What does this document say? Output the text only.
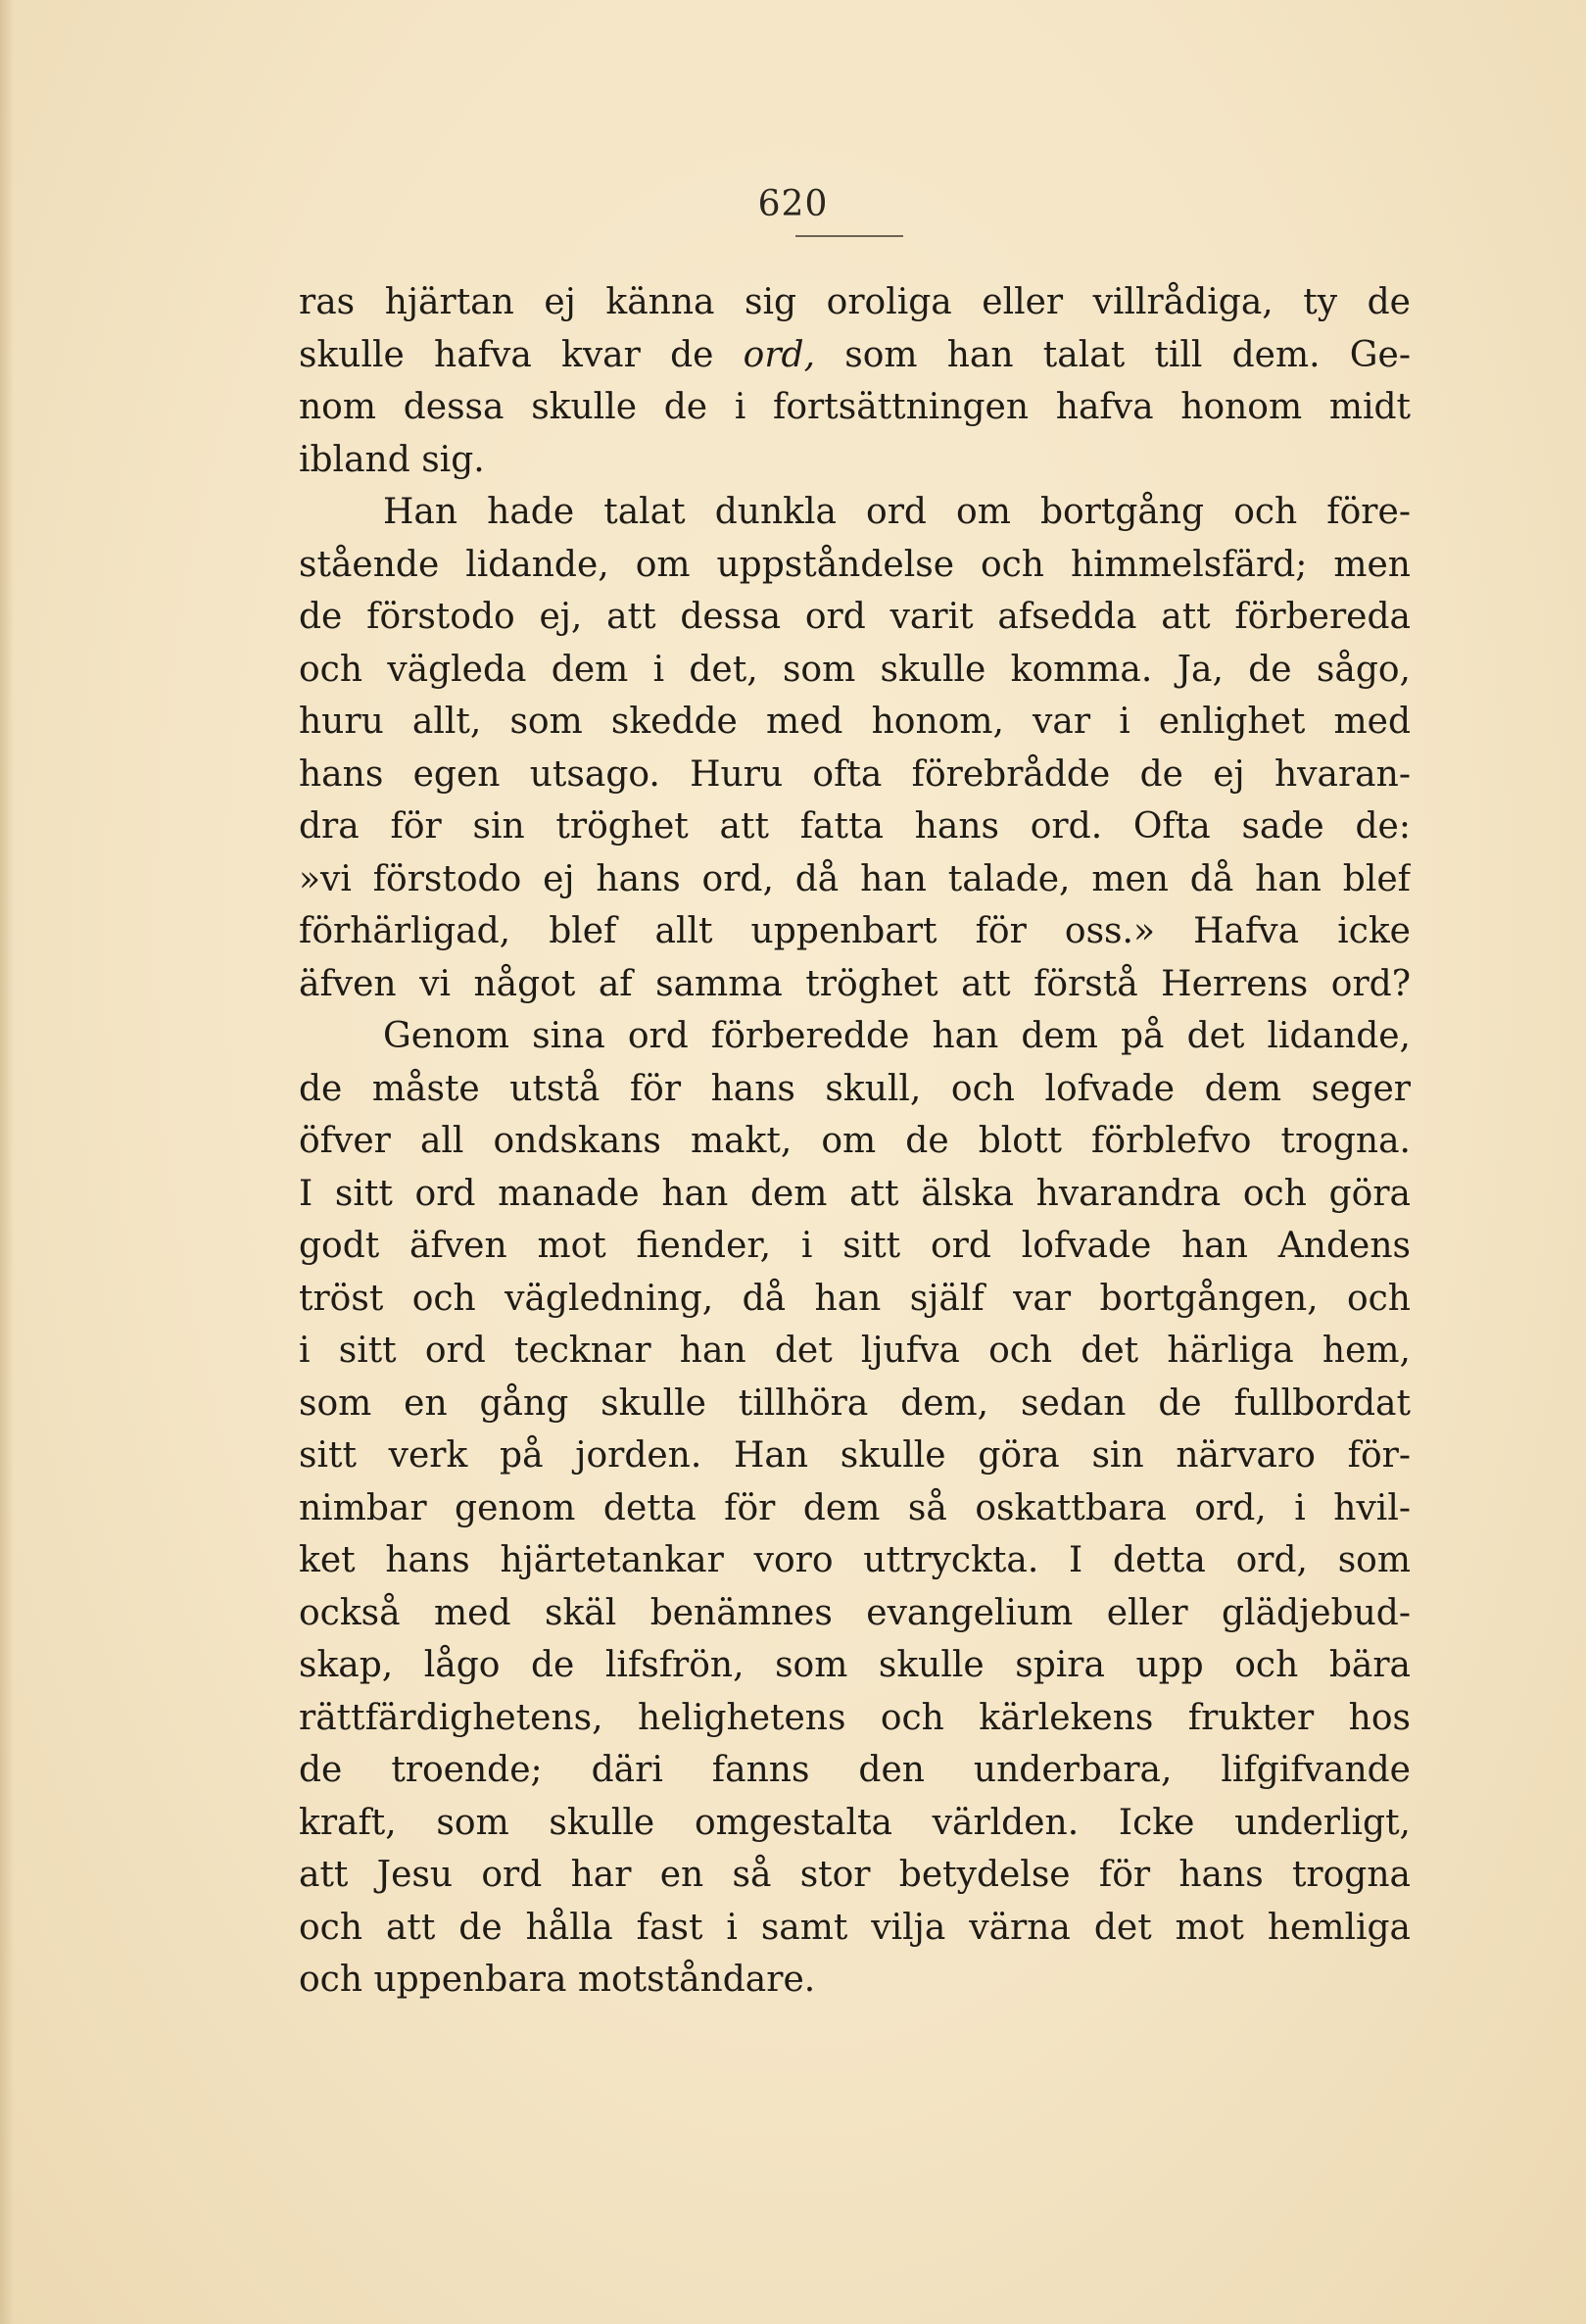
620
ras hjärtan ej känna sig oroliga eller villrådiga, ty de
skulle hafva kvar de ord, som han talat till dem. Ge-
nom dessa skulle de i fortsättningen hafva honom midt
ibland sig.
Han hade talat dunkla ord om bortgång och före-
stående lidande, om uppståndelse och himmelsfärd; men
de förstodo ej, att dessa ord varit afsedda att förbereda
och vägleda dem i det, som skulle komma. Ja, de sågo,
huru allt, som skedde med honom, var i enlighet med
hans egen utsago. Huru ofta förebrådde de ej hvaran-
dra för sin tröghet att fatta hans ord. Ofta sade de:
»vi förstodo ej hans ord, då han talade, men då han blef
förhärligad, blef allt uppenbart för oss.» Hafva icke
äfven vi något af samma tröghet att förstå Herrens ord?
Genom sina ord förberedde han dem på det lidande,
de måste utstå för hans skull, och lofvade dem seger
öfver all ondskans makt, om de blott förblefvo trogna.
I sitt ord manade han dem att älska hvarandra och göra
godt äfven mot fiender, i sitt ord lofvade han Andens
tröst och vägledning, då han själf var bortgången, och
i sitt ord tecknar han det ljufva och det härliga hem,
som en gång skulle tillhöra dem, sedan de fullbordat
sitt verk på jorden. Han skulle göra sin närvaro för-
nimbar genom detta för dem så oskattbara ord, i hvil-
ket hans hjärtetankar voro uttryckta. I detta ord, som
också med skäl benämnes evangelium eller glädjebud-
skap, lågo de lifsfrön, som skulle spira upp och bära
rättfärdighetens, helighetens och kärlekens frukter hos
de troende; däri fanns den underbara, lifgifvande
kraft, som skulle omgestalta världen. Icke underligt,
att Jesu ord har en så stor betydelse för hans trogna
och att de hålla fast i samt vilja värna det mot hemliga
och uppenbara motståndare.
